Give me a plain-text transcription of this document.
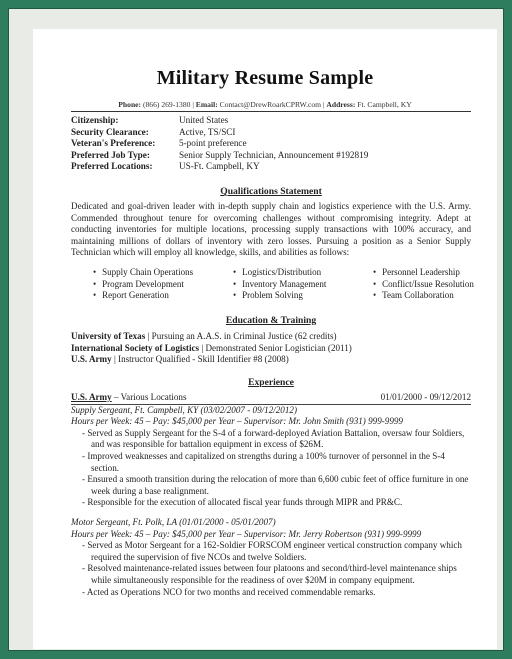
Military Resume Sample
Phone: (866) 269-1380 | Email: Contact@DrewRoarkCPRW.com | Address: Ft. Campbell, KY
Citizenship:	United States
Security Clearance:	Active, TS/SCI
Veteran's Preference:	5-point preference
Preferred Job Type:	Senior Supply Technician, Announcement #192819
Preferred Locations:	US-Ft. Campbell, KY
Qualifications Statement
Dedicated and goal-driven leader with in-depth supply chain and logistics experience with the U.S. Army. Commended throughout tenure for overcoming challenges without compromising integrity. Adept at conducting inventories for multiple locations, processing supply transactions with 100% accuracy, and maintaining millions of dollars of inventory with zero losses. Pursuing a position as a Senior Supply Technician which will employ all knowledge, skills, and abilities as follows:
• Supply Chain Operations	• Logistics/Distribution	• Personnel Leadership
• Program Development	• Inventory Management	• Conflict/Issue Resolution
• Report Generation	• Problem Solving	• Team Collaboration
Education & Training
University of Texas | Pursuing an A.A.S. in Criminal Justice (62 credits)
International Society of Logistics | Demonstrated Senior Logistician (2011)
U.S. Army | Instructor Qualified - Skill Identifier #8 (2008)
Experience
U.S. Army – Various Locations	01/01/2000 - 09/12/2012
Supply Sergeant, Ft. Campbell, KY (03/02/2007 - 09/12/2012)
Hours per Week: 45 – Pay: $45,000 per Year – Supervisor: Mr. John Smith (931) 999-9999
- Served as Supply Sergeant for the S-4 of a forward-deployed Aviation Battalion, oversaw four Soldiers, and was responsible for battalion equipment in excess of $26M.
- Improved weaknesses and capitalized on strengths during a 100% turnover of personnel in the S-4 section.
- Ensured a smooth transition during the relocation of more than 6,600 cubic feet of office furniture in one week during a base realignment.
- Responsible for the execution of allocated fiscal year funds through MIPR and PR&C.
Motor Sergeant, Ft. Polk, LA (01/01/2000 - 05/01/2007)
Hours per Week: 45 – Pay: $45,000 per Year – Supervisor: Mr. Jerry Robertson (931) 999-9999
- Served as Motor Sergeant for a 162-Soldier FORSCOM engineer vertical construction company which required the supervision of five NCOs and twelve Soldiers.
- Resolved maintenance-related issues between four platoons and second/third-level maintenance ships while simultaneously responsible for the readiness of over $20M in company equipment.
- Acted as Operations NCO for two months and received commendable remarks.
